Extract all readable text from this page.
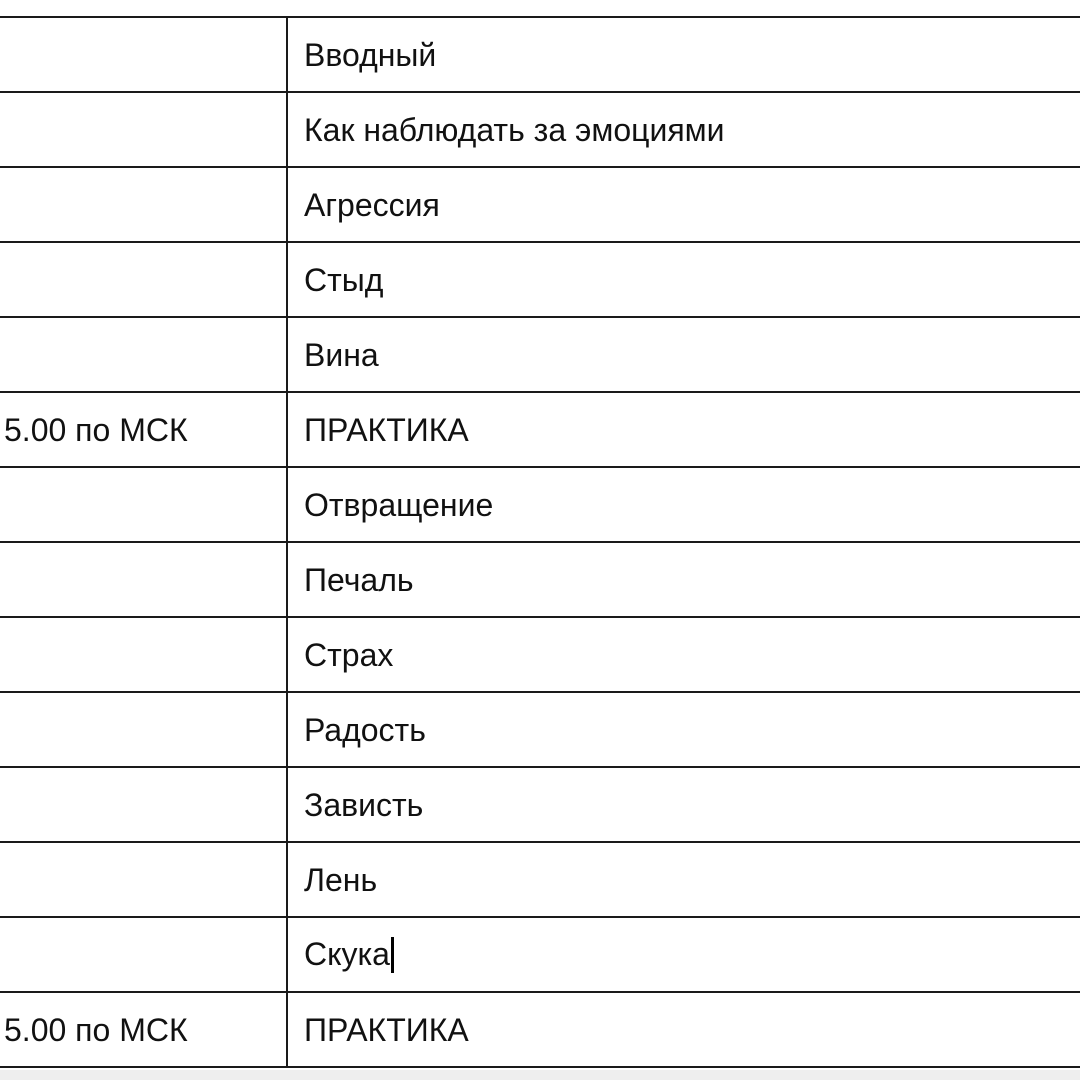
	Вводный
	Как наблюдать за эмоциями
	Агрессия
	Стыд
	Вина
5.00 по МСК	ПРАКТИКА
	Отвращение
	Печаль
	Страх
	Радость
	Зависть
	Лень
	Скука
5.00 по МСК	ПРАКТИКА
